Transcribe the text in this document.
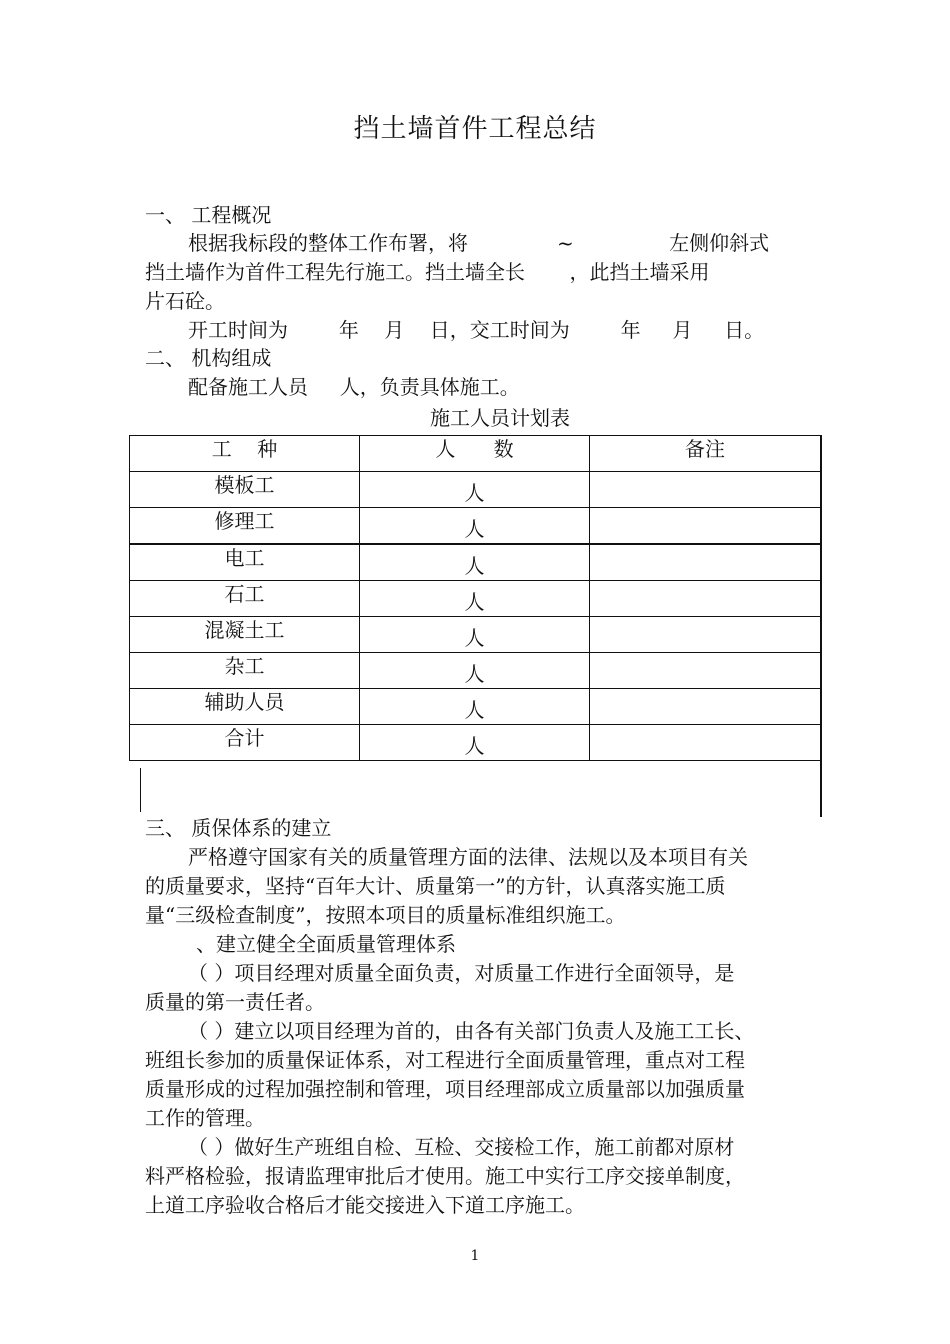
挡土墙首件工程总结
一、 工程概况
根据我标段的整体工作布署，将              ~               左侧仰斜式
挡土墙作为首件工程先行施工。挡土墙全长       ，此挡土墙采用
片石砼。
开工时间为        年    月    日，交工时间为        年     月     日。
二、 机构组成
配备施工人员     人，负责具体施工。
施工人员计划表
工    种	人      数	备注
模板工	人	
修理工	人	
电工	人	
石工	人	
混凝土工	人	
杂工	人	
辅助人员	人	
合计	人	
三、 质保体系的建立
严格遵守国家有关的质量管理方面的法律、法规以及本项目有关
的质量要求，坚持“百年大计、质量第一”的方针，认真落实施工质
量“三级检查制度”，按照本项目的质量标准组织施工。
、建立健全全面质量管理体系
（ ）项目经理对质量全面负责，对质量工作进行全面领导，是
质量的第一责任者。
（ ）建立以项目经理为首的，由各有关部门负责人及施工工长、
班组长参加的质量保证体系，对工程进行全面质量管理，重点对工程
质量形成的过程加强控制和管理，项目经理部成立质量部以加强质量
工作的管理。
（ ）做好生产班组自检、互检、交接检工作，施工前都对原材
料严格检验，报请监理审批后才使用。施工中实行工序交接单制度，
上道工序验收合格后才能交接进入下道工序施工。
1
